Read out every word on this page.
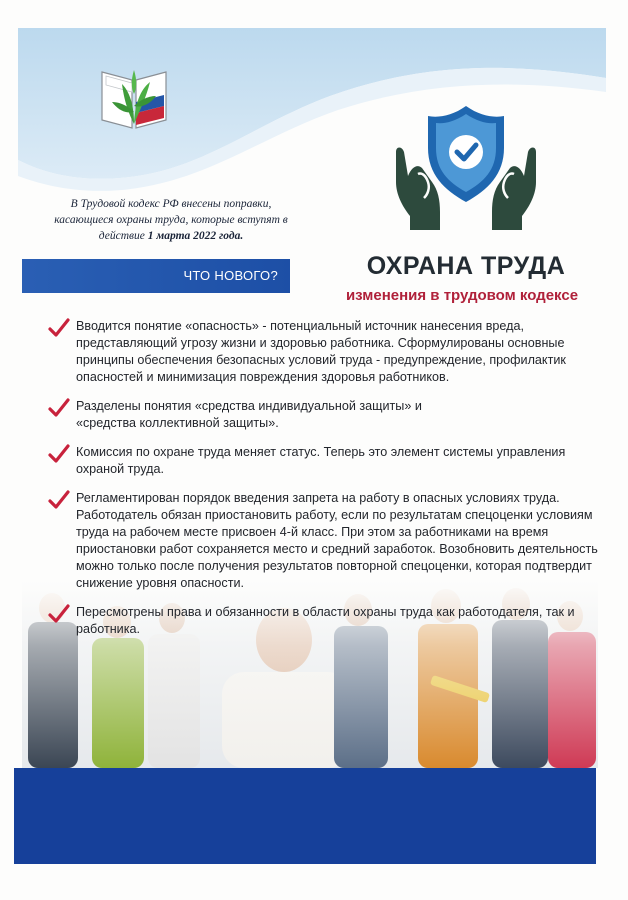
В Трудовой кодекс РФ внесены поправки, касающиеся охраны труда, которые вступят в действие 1 марта 2022 года.
ЧТО НОВОГО?	ОХРАНА ТРУДА
изменения в трудовом кодексе
Вводится понятие «опасность» - потенциальный источник нанесения вреда, представляющий угрозу жизни и здоровью работника. Сформулированы основные принципы обеспечения безопасных условий труда - предупреждение, профилактик опасностей и минимизация повреждения здоровья работников.
Разделены понятия «средства индивидуальной защиты» и «средства коллективной защиты».
Комиссия по охране труда меняет статус. Теперь это элемент системы управления охраной труда.
Регламентирован порядок введения запрета на работу в опасных условиях труда. Работодатель обязан приостановить работу, если по результатам спецоценки условиям труда на рабочем месте присвоен 4-й класс. При этом за работниками на время приостановки работ сохраняется место и средний заработок. Возобновить деятельность можно только после получения результатов повторной спецоценки, которая подтвердит снижение уровня опасности.
Пересмотрены права и обязанности в области охраны труда как работодателя, так и работника.
